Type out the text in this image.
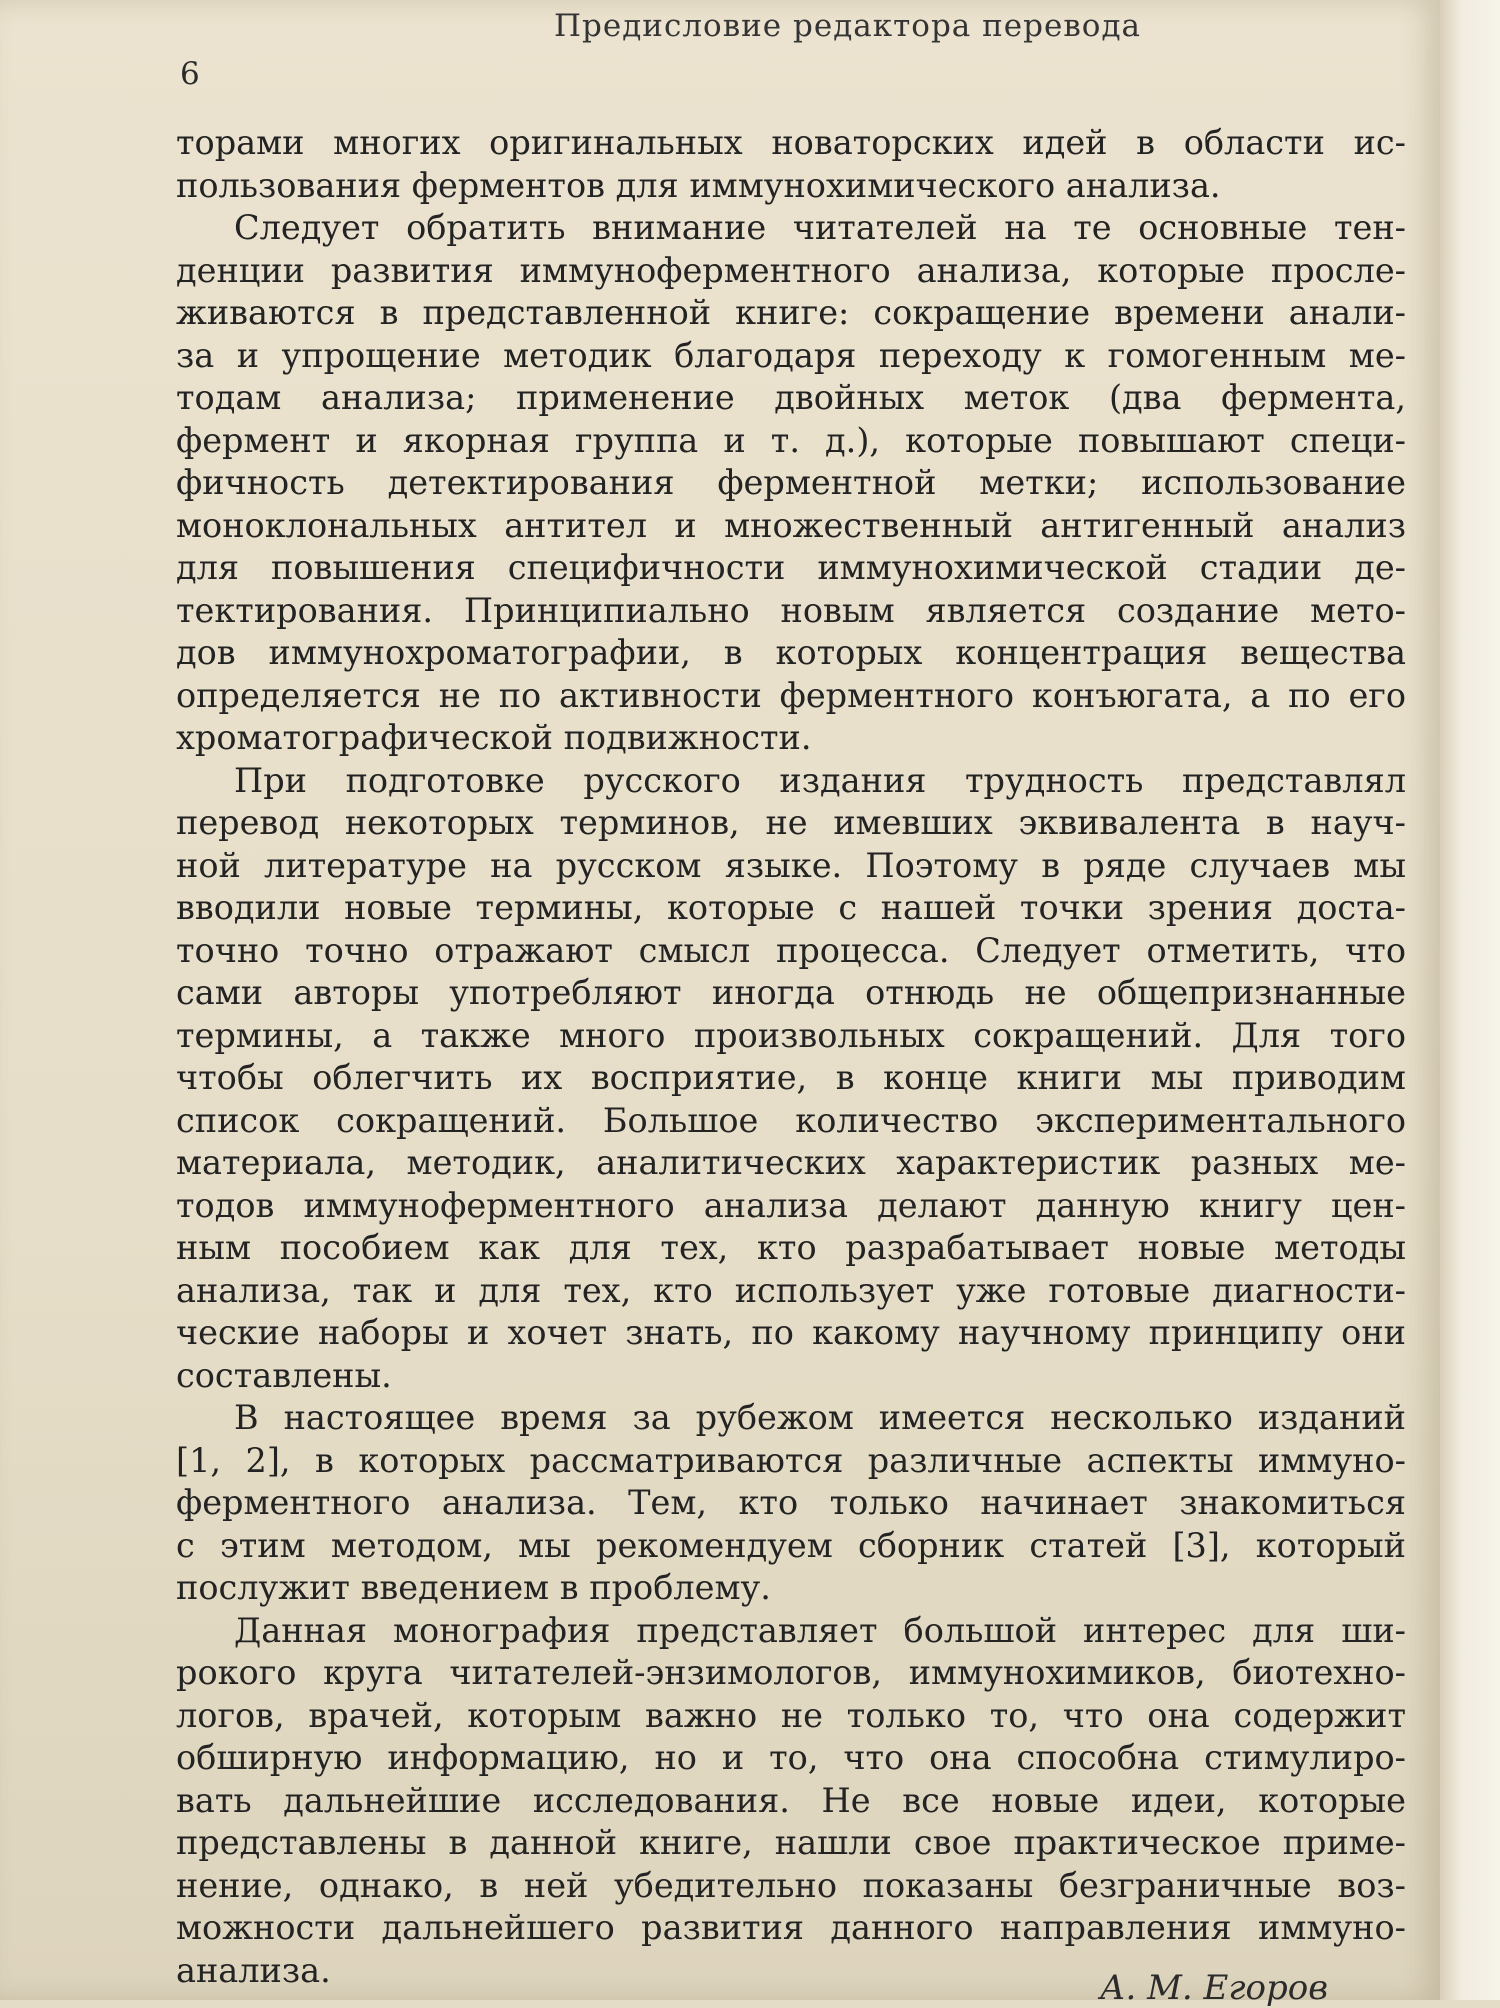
Предисловие редактора перевода
6
торами многих оригинальных новаторских идей в области ис-
пользования ферментов для иммунохимического анализа.
Следует обратить внимание читателей на те основные тен-
денции развития иммуноферментного анализа, которые просле-
живаются в представленной книге: сокращение времени анали-
за и упрощение методик благодаря переходу к гомогенным ме-
тодам анализа; применение двойных меток (два фермента,
фермент и якорная группа и т. д.), которые повышают специ-
фичность детектирования ферментной метки; использование
моноклональных антител и множественный антигенный анализ
для повышения специфичности иммунохимической стадии де-
тектирования. Принципиально новым является создание мето-
дов иммунохроматографии, в которых концентрация вещества
определяется не по активности ферментного конъюгата, а по его
хроматографической подвижности.
При подготовке русского издания трудность представлял
перевод некоторых терминов, не имевших эквивалента в науч-
ной литературе на русском языке. Поэтому в ряде случаев мы
вводили новые термины, которые с нашей точки зрения доста-
точно точно отражают смысл процесса. Следует отметить, что
сами авторы употребляют иногда отнюдь не общепризнанные
термины, а также много произвольных сокращений. Для того
чтобы облегчить их восприятие, в конце книги мы приводим
список сокращений. Большое количество экспериментального
материала, методик, аналитических характеристик разных ме-
тодов иммуноферментного анализа делают данную книгу цен-
ным пособием как для тех, кто разрабатывает новые методы
анализа, так и для тех, кто использует уже готовые диагности-
ческие наборы и хочет знать, по какому научному принципу они
составлены.
В настоящее время за рубежом имеется несколько изданий
[1, 2], в которых рассматриваются различные аспекты иммуно-
ферментного анализа. Тем, кто только начинает знакомиться
с этим методом, мы рекомендуем сборник статей [3], который
послужит введением в проблему.
Данная монография представляет большой интерес для ши-
рокого круга читателей-энзимологов, иммунохимиков, биотехно-
логов, врачей, которым важно не только то, что она содержит
обширную информацию, но и то, что она способна стимулиро-
вать дальнейшие исследования. Не все новые идеи, которые
представлены в данной книге, нашли свое практическое приме-
нение, однако, в ней убедительно показаны безграничные воз-
можности дальнейшего развития данного направления иммуно-
анализа.	А. М. Егоров
